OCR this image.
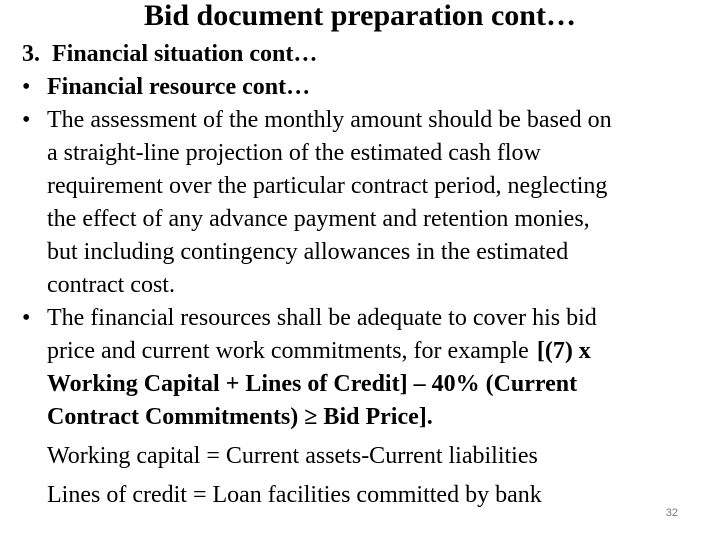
Bid document preparation cont…
3. Financial situation cont…
• Financial resource cont…
• The assessment of the monthly amount should be based on
a straight-line projection of the estimated cash flow
requirement over the particular contract period, neglecting
the effect of any advance payment and retention monies,
but including contingency allowances in the estimated
contract cost.
• The financial resources shall be adequate to cover his bid
price and current work commitments, for example [(7) x
Working Capital + Lines of Credit] – 40% (Current
Contract Commitments) ≥ Bid Price].
Working capital = Current assets-Current liabilities
Lines of credit = Loan facilities committed by bank
32
